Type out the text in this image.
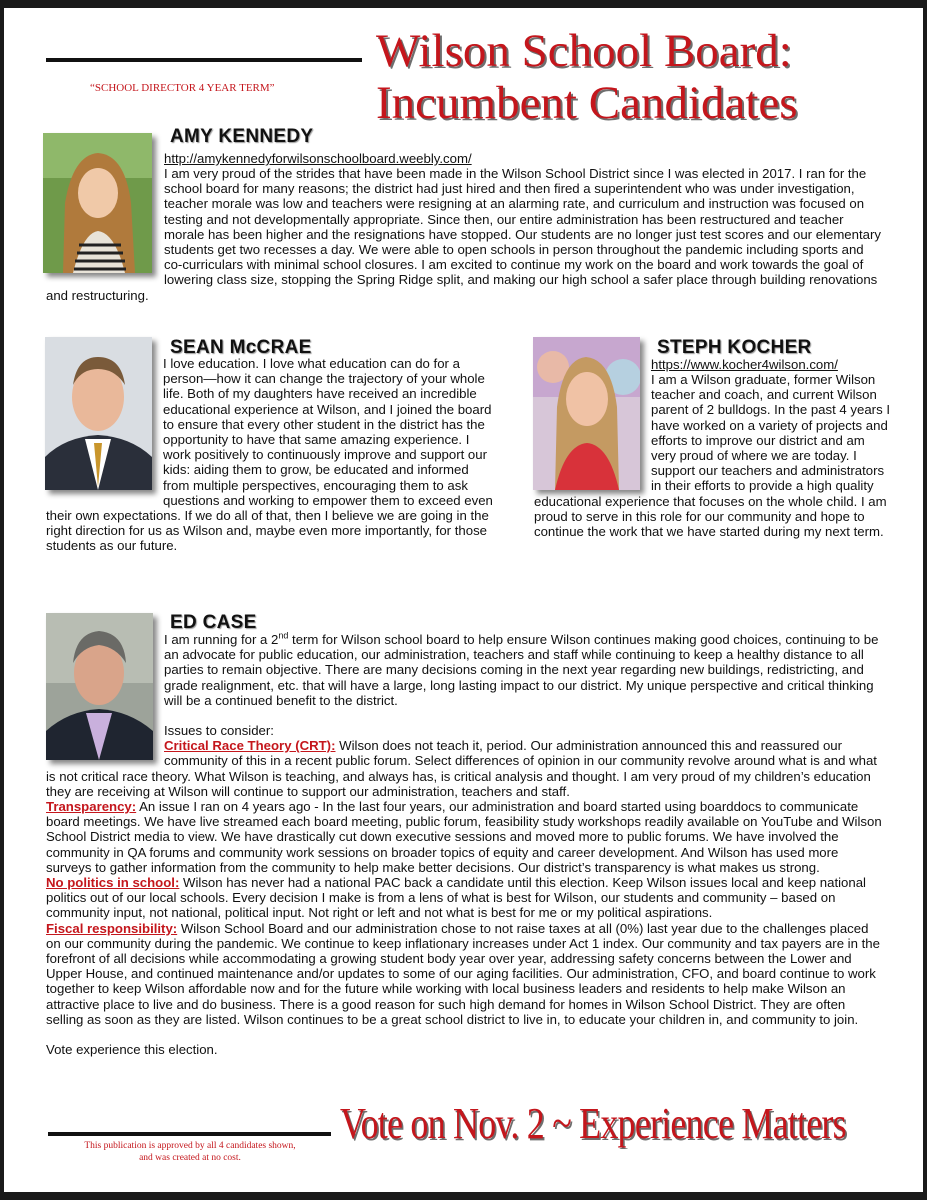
“SCHOOL DIRECTOR 4 YEAR TERM”
Wilson School Board:
Incumbent Candidates
AMY KENNEDY
http://amykennedyforwilsonschoolboard.weebly.com/

I am very proud of the strides that have been made in the Wilson School District since I was elected in 2017. I ran for the school board for many reasons; the district had just hired and then fired a superintendent who was under investigation, teacher morale was low and teachers were resigning at an alarming rate, and curriculum and instruction was focused on testing and not developmentally appropriate. Since then, our entire administration has been restructured and teacher morale has been higher and the resignations have stopped. Our students are no longer just test scores and our elementary students get two recesses a day. We were able to open schools in person throughout the pandemic including sports and co-curriculars with minimal school closures. I am excited to continue my work on the board and work towards the goal of lowering class size, stopping the Spring Ridge split, and making our high school a safer place through building renovations and restructuring.

SEAN McCRAE

I love education. I love what education can do for a person—how it can change the trajectory of your whole life. Both of my daughters have received an incredible educational experience at Wilson, and I joined the board to ensure that every other student in the district has the opportunity to have that same amazing experience. I work positively to continuously improve and support our kids: aiding them to grow, be educated and informed from multiple perspectives, encouraging them to ask questions and working to empower them to exceed even their own expectations. If we do all of that, then I believe we are going in the right direction for us as Wilson and, maybe even more importantly, for those students as our future.

STEPH KOCHER
https://www.kocher4wilson.com/

I am a Wilson graduate, former Wilson teacher and coach, and current Wilson parent of 2 bulldogs. In the past 4 years I have worked on a variety of projects and efforts to improve our district and am very proud of where we are today. I support our teachers and administrators in their efforts to provide a high quality educational experience that focuses on the whole child. I am proud to serve in this role for our community and hope to continue the work that we have started during my next term.

ED CASE

I am running for a 2nd term for Wilson school board to help ensure Wilson continues making good choices, continuing to be an advocate for public education, our administration, teachers and staff while continuing to keep a healthy distance to all parties to remain objective. There are many decisions coming in the next year regarding new buildings, redistricting, and grade realignment, etc. that will have a large, long lasting impact to our district. My unique perspective and critical thinking will be a continued benefit to the district.

Issues to consider:

Critical Race Theory (CRT): Wilson does not teach it, period. Our administration announced this and reassured our community of this in a recent public forum. Select differences of opinion in our community revolve around what is and what is not critical race theory. What Wilson is teaching, and always has, is critical analysis and thought. I am very proud of my children’s education they are receiving at Wilson will continue to support our administration, teachers and staff.

Transparency: An issue I ran on 4 years ago - In the last four years, our administration and board started using boarddocs to communicate board meetings. We have live streamed each board meeting, public forum, feasibility study workshops readily available on YouTube and Wilson School District media to view. We have drastically cut down executive sessions and moved more to public forums. We have involved the community in QA forums and community work sessions on broader topics of equity and career development. And Wilson has used more surveys to gather information from the community to help make better decisions. Our district’s transparency is what makes us strong.

No politics in school: Wilson has never had a national PAC back a candidate until this election. Keep Wilson issues local and keep national politics out of our local schools. Every decision I make is from a lens of what is best for Wilson, our students and community – based on community input, not national, political input. Not right or left and not what is best for me or my political aspirations.

Fiscal responsibility: Wilson School Board and our administration chose to not raise taxes at all (0%) last year due to the challenges placed on our community during the pandemic. We continue to keep inflationary increases under Act 1 index. Our community and tax payers are in the forefront of all decisions while accommodating a growing student body year over year, addressing safety concerns between the Lower and Upper House, and continued maintenance and/or updates to some of our aging facilities. Our administration, CFO, and board continue to work together to keep Wilson affordable now and for the future while working with local business leaders and residents to help make Wilson an attractive place to live and do business. There is a good reason for such high demand for homes in Wilson School District. They are often selling as soon as they are listed. Wilson continues to be a great school district to live in, to educate your children in, and community to join.

Vote experience this election.

This publication is approved by all 4 candidates shown,
and was created at no cost.
Vote on Nov. 2 ~ Experience Matters
